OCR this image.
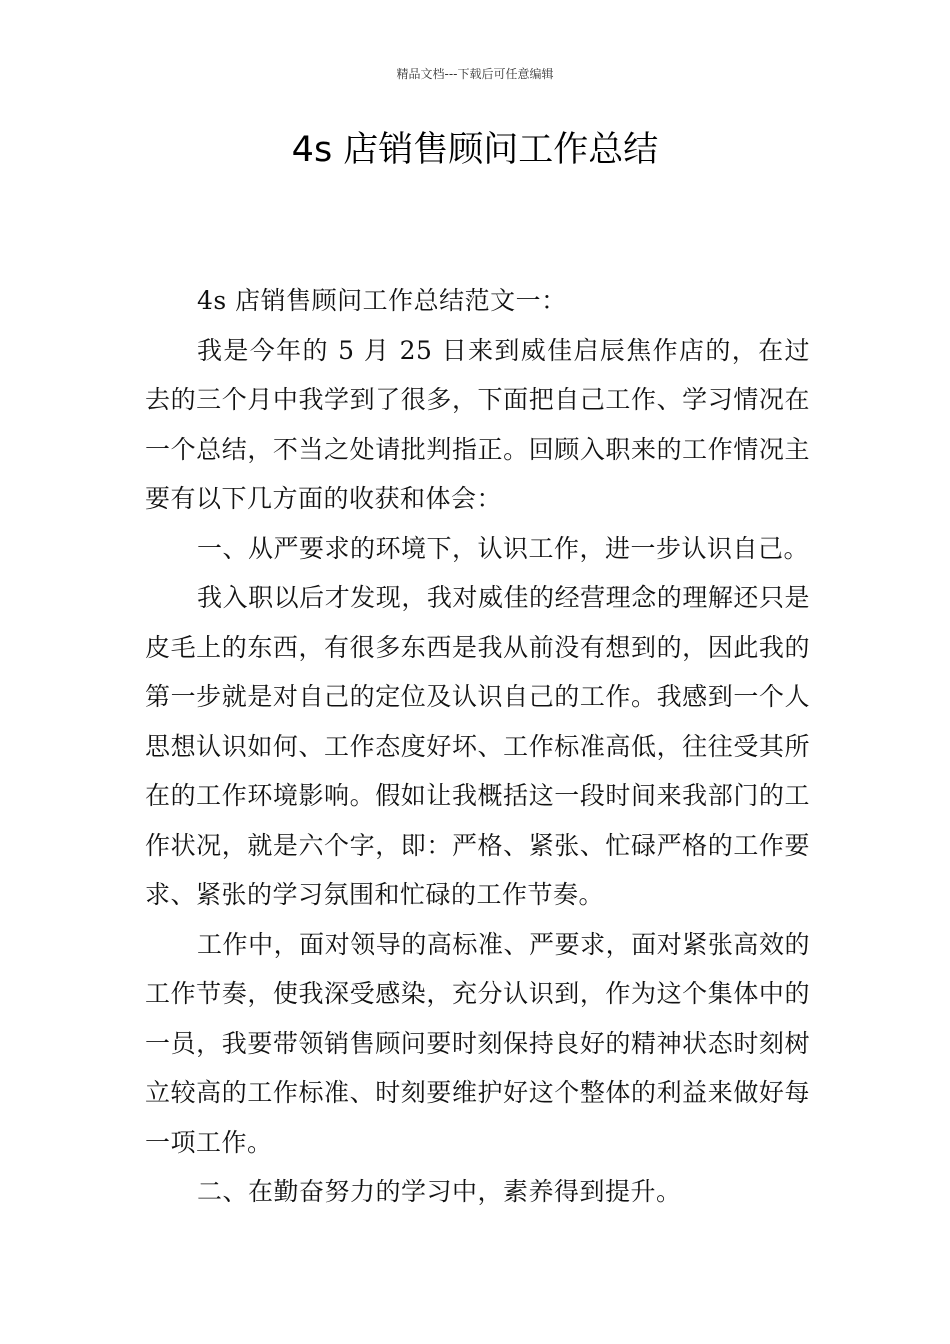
精品文档---下载后可任意编辑
4s 店销售顾问工作总结

4s 店销售顾问工作总结范文一：

我是今年的 5 月 25 日来到威佳启辰焦作店的，在过去的三个月中我学到了很多，下面把自己工作、学习情况在一个总结，不当之处请批判指正。回顾入职来的工作情况主要有以下几方面的收获和体会：

一、从严要求的环境下，认识工作，进一步认识自己。

我入职以后才发现，我对威佳的经营理念的理解还只是皮毛上的东西，有很多东西是我从前没有想到的，因此我的第一步就是对自己的定位及认识自己的工作。我感到一个人思想认识如何、工作态度好坏、工作标准高低，往往受其所在的工作环境影响。假如让我概括这一段时间来我部门的工作状况，就是六个字，即：严格、紧张、忙碌严格的工作要求、紧张的学习氛围和忙碌的工作节奏。

工作中，面对领导的高标准、严要求，面对紧张高效的工作节奏，使我深受感染，充分认识到，作为这个集体中的一员，我要带领销售顾问要时刻保持良好的精神状态时刻树立较高的工作标准、时刻要维护好这个整体的利益来做好每一项工作。

二、在勤奋努力的学习中，素养得到提升。
